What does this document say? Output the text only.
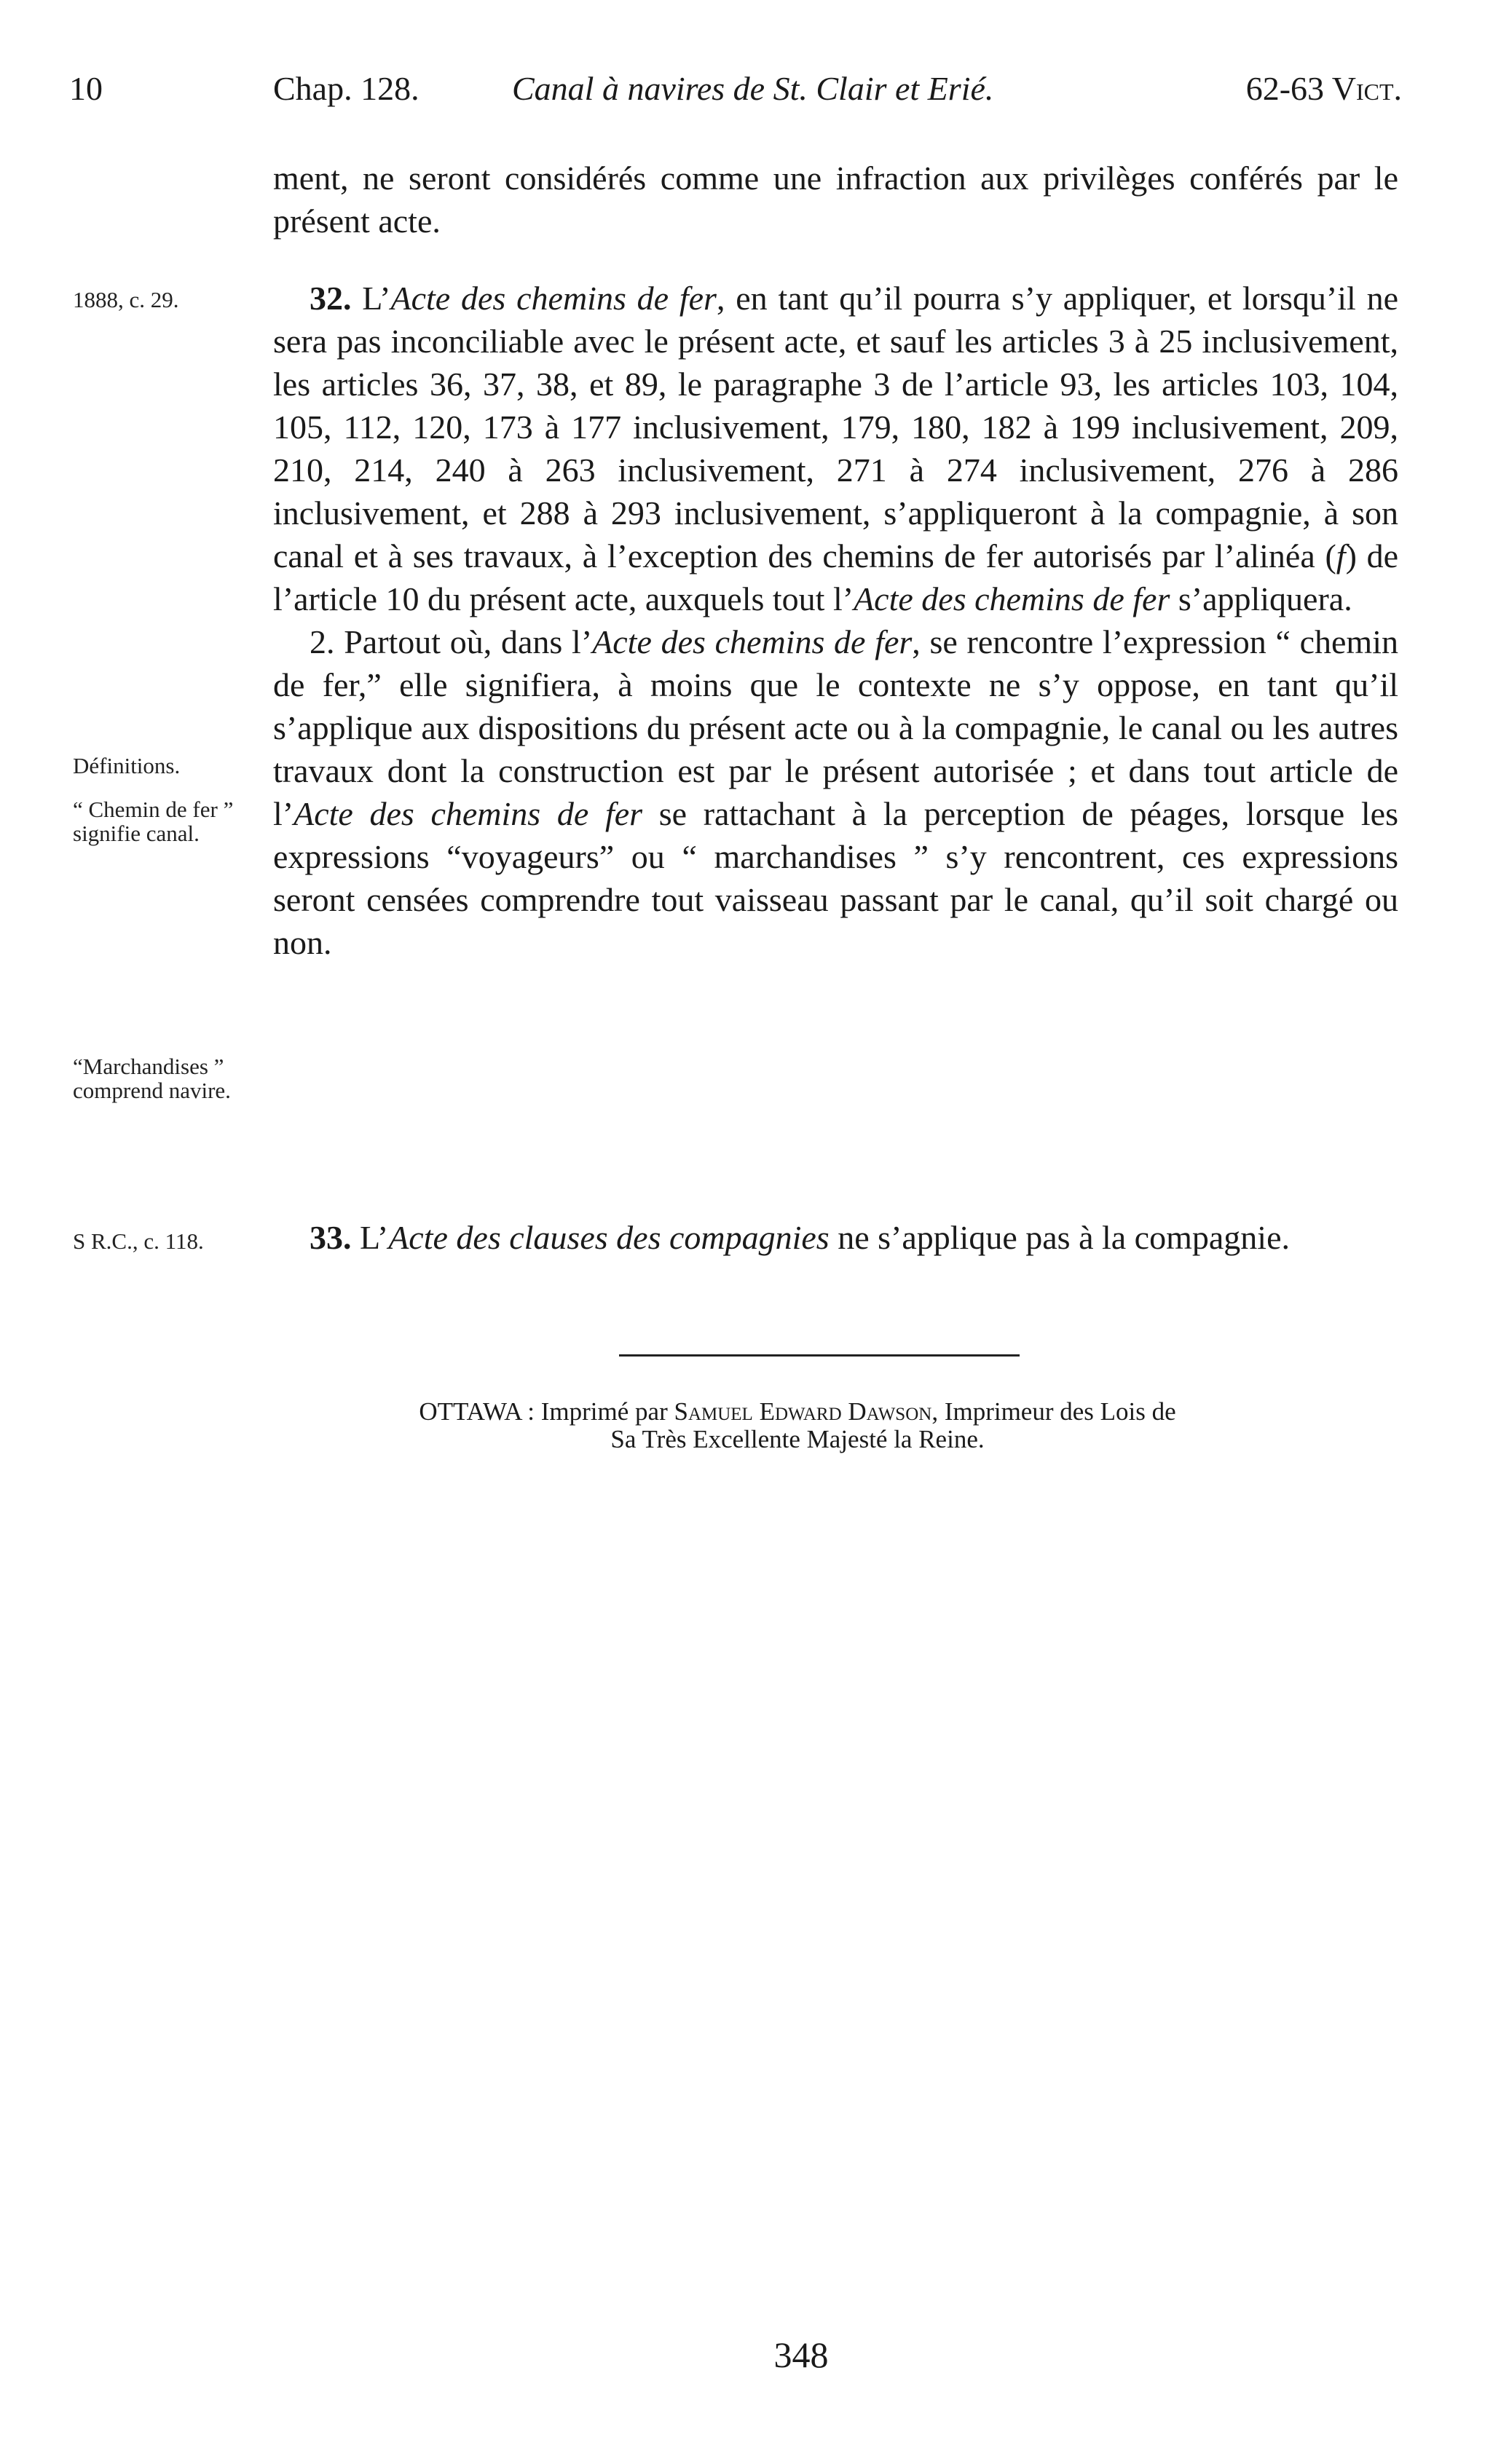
10	Chap. 128.	Canal à navires de St. Clair et Erié.	62-63 Vict.

ment, ne seront considérés comme une infraction aux privilèges conférés par le présent acte.

32. L’Acte des chemins de fer, en tant qu’il pourra s’y appliquer, et lorsqu’il ne sera pas inconciliable avec le présent acte, et sauf les articles 3 à 25 inclusivement, les articles 36, 37, 38, et 89, le paragraphe 3 de l’article 93, les articles 103, 104, 105, 112, 120, 173 à 177 inclusivement, 179, 180, 182 à 199 inclusivement, 209, 210, 214, 240 à 263 inclusivement, 271 à 274 inclusivement, 276 à 286 inclusivement, et 288 à 293 inclusivement, s’appliqueront à la compagnie, à son canal et à ses travaux, à l’exception des chemins de fer autorisés par l’alinéa (f) de l’article 10 du présent acte, auxquels tout l’Acte des chemins de fer s’appliquera.

2. Partout où, dans l’Acte des chemins de fer, se rencontre l’expression “ chemin de fer,” elle signifiera, à moins que le contexte ne s’y oppose, en tant qu’il s’applique aux dispositions du présent acte ou à la compagnie, le canal ou les autres travaux dont la construction est par le présent autorisée ; et dans tout article de l’Acte des chemins de fer se rattachant à la perception de péages, lorsque les expressions “voyageurs” ou “ marchandises ” s’y rencontrent, ces expressions seront censées comprendre tout vaisseau passant par le canal, qu’il soit chargé ou non.

33. L’Acte des clauses des compagnies ne s’applique pas à la compagnie.

1888, c. 29.
Définitions.
“ Chemin de fer ” signifie canal.
“Marchandises ” comprend navire.
S R.C., c. 118.
OTTAWA : Imprimé par Samuel Edward Dawson, Imprimeur des Lois de
Sa Très Excellente Majesté la Reine.
348
